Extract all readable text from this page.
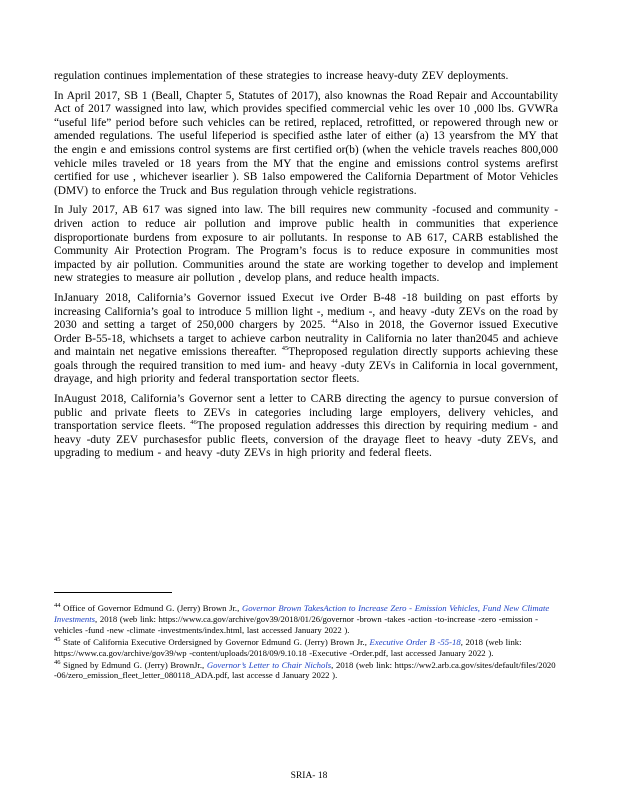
regulation continues implementation of these strategies to increase heavy-duty ZEV deployments.

In April 2017, SB 1 (Beall, Chapter 5, Statutes of 2017), also knownas the Road Repair and Accountability Act of 2017 wassigned into law, which provides specified commercial vehic les over 10 ,000 lbs. GVWRa “useful life” period before such vehicles can be retired, replaced, retrofitted, or repowered through new or amended regulations. The useful lifeperiod is specified asthe later of either (a) 13 yearsfrom the MY that the engin e and emissions control systems are first certified or(b) (when the vehicle travels reaches 800,000 vehicle miles traveled or 18 years from the MY that the engine and emissions control systems arefirst certified for use , whichever isearlier ). SB 1also empowered the California Department of Motor Vehicles (DMV) to enforce the Truck and Bus regulation through vehicle registrations.

In July 2017, AB 617 was signed into law. The bill requires new community -focused and community -driven action to reduce air pollution and improve public health in communities that experience disproportionate burdens from exposure to air pollutants. In response to AB 617, CARB established the Community Air Protection Program. The Program’s focus is to reduce exposure in communities most impacted by air pollution. Communities around the state are working together to develop and implement new strategies to measure air pollution , develop plans, and reduce health impacts.

InJanuary 2018, California’s Governor issued Execut ive Order B-48 -18 building on past efforts by increasing California’s goal to introduce 5 million light -, medium -, and heavy -duty ZEVs on the road by 2030 and setting a target of 250,000 chargers by 2025. $^{44}$Also in 2018, the Governor issued Executive Order B-55-18, whichsets a target to achieve carbon neutrality in California no later than2045 and achieve and maintain net negative emissions thereafter. $^{45}$Theproposed regulation directly supports achieving these goals through the required transition to med ium- and heavy -duty ZEVs in California in local government, drayage, and high priority and federal transportation sector fleets.

InAugust 2018, California’s Governor sent a letter to CARB directing the agency to pursue conversion of public and private fleets to ZEVs in categories including large employers, delivery vehicles, and transportation service fleets. $^{46}$The proposed regulation addresses this direction by requiring medium - and heavy -duty ZEV purchasesfor public fleets, conversion of the drayage fleet to heavy -duty ZEVs, and upgrading to medium - and heavy -duty ZEVs in high priority and federal fleets.

$^{44}$ Office of Governor Edmund G. (Jerry) Brown Jr., Governor Brown TakesAction to Increase Zero - Emission Vehicles, Fund New Climate Investments, 2018 (web link: https://www.ca.gov/archive/gov39/2018/01/26/governor -brown -takes -action -to-increase -zero -emission -vehicles -fund -new -climate -investments/index.html, last accessed January 2022 ).

$^{45}$ State of California Executive Ordersigned by Governor Edmund G. (Jerry) Brown Jr., Executive Order B -55-18, 2018 (web link: https://www.ca.gov/archive/gov39/wp -content/uploads/2018/09/9.10.18 -Executive -Order.pdf, last accessed January 2022 ).

$^{46}$ Signed by Edmund G. (Jerry) BrownJr., Governor’s Letter to Chair Nichols, 2018 (web link: https://ww2.arb.ca.gov/sites/default/files/2020 -06/zero_emission_fleet_letter_080118_ADA.pdf, last accesse d January 2022 ).

SRIA- 18
